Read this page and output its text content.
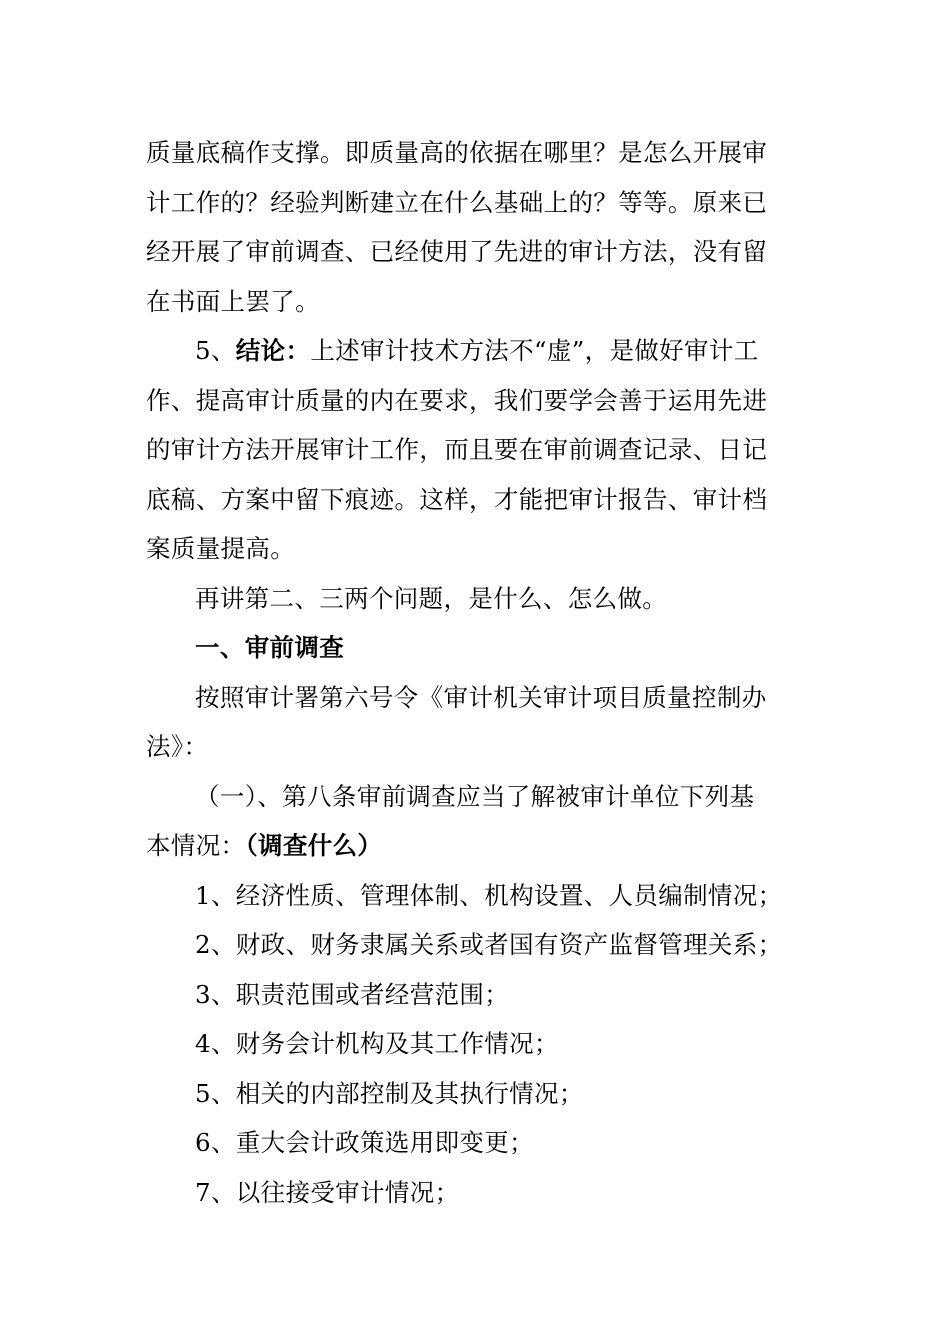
质量底稿作支撑。即质量高的依据在哪里？是怎么开展审
计工作的？经验判断建立在什么基础上的？等等。原来已
经开展了审前调查、已经使用了先进的审计方法，没有留
在书面上罢了。
5、结论：上述审计技术方法不“虚”，是做好审计工
作、提高审计质量的内在要求，我们要学会善于运用先进
的审计方法开展审计工作，而且要在审前调查记录、日记
底稿、方案中留下痕迹。这样，才能把审计报告、审计档
案质量提高。
再讲第二、三两个问题，是什么、怎么做。
一、审前调查
按照审计署第六号令《审计机关审计项目质量控制办
法》：
（一）、第八条审前调查应当了解被审计单位下列基
本情况：（调查什么）
1、经济性质、管理体制、机构设置、人员编制情况；
2、财政、财务隶属关系或者国有资产监督管理关系；
3、职责范围或者经营范围；
4、财务会计机构及其工作情况；
5、相关的内部控制及其执行情况；
6、重大会计政策选用即变更；
7、以往接受审计情况；
